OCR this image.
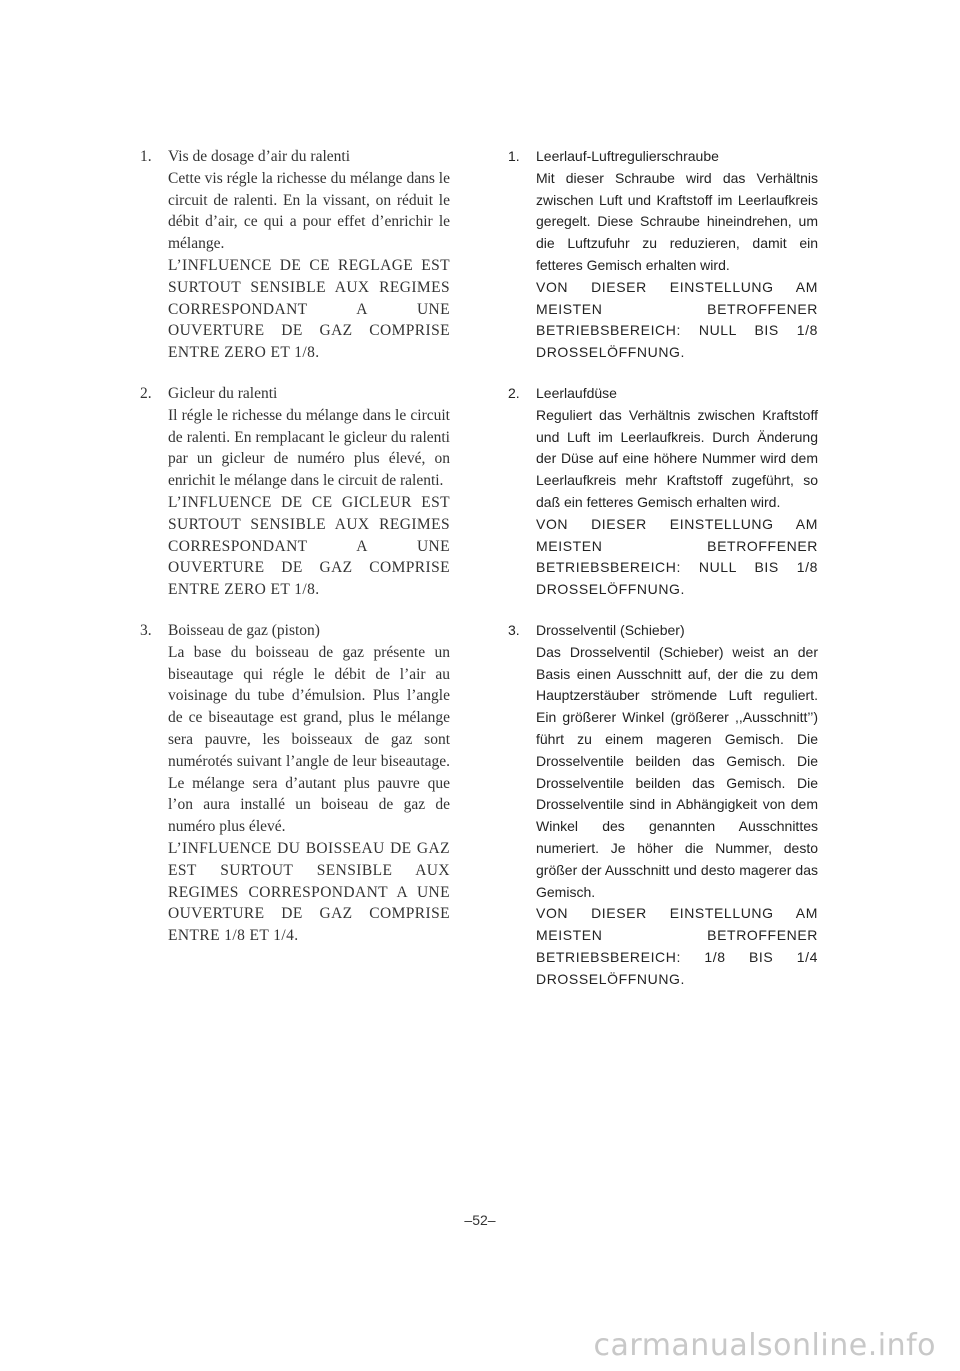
1. Vis de dosage d’air du ralenti
Cette vis régle la richesse du mélange dans le circuit de ralenti. En la vissant, on réduit le débit d’air, ce qui a pour effet d’enrichir le mélange.
L’INFLUENCE DE CE REGLAGE EST SURTOUT SENSIBLE AUX REGIMES CORRESPONDANT A UNE OUVERTURE DE GAZ COMPRISE ENTRE ZERO ET 1/8.
2. Gicleur du ralenti
Il régle le richesse du mélange dans le circuit de ralenti. En remplacant le gicleur du ralenti par un gicleur de numéro plus élevé, on enrichit le mélange dans le circuit de ralenti.
L’INFLUENCE DE CE GICLEUR EST SURTOUT SENSIBLE AUX REGIMES CORRESPONDANT A UNE OUVERTURE DE GAZ COMPRISE ENTRE ZERO ET 1/8.
3. Boisseau de gaz (piston)
La base du boisseau de gaz présente un biseautage qui régle le débit de l’air au voisinage du tube d’émulsion. Plus l’angle de ce biseautage est grand, plus le mélange sera pauvre, les boisseaux de gaz sont numérotés suivant l’angle de leur biseautage. Le mélange sera d’autant plus pauvre que l’on aura installé un boiseau de gaz de numéro plus élevé.
L’INFLUENCE DU BOISSEAU DE GAZ EST SURTOUT SENSIBLE AUX REGIMES CORRESPONDANT A UNE OUVERTURE DE GAZ COMPRISE ENTRE 1/8 ET 1/4.
1. Leerlauf-Luftregulierschraube
Mit dieser Schraube wird das Verhältnis zwischen Luft und Kraftstoff im Leerlaufkreis geregelt. Diese Schraube hineindrehen, um die Luftzufuhr zu reduzieren, damit ein fetteres Gemisch erhalten wird.
VON DIESER EINSTELLUNG AM MEISTEN BETROFFENER BETRIEBSBEREICH: NULL BIS 1/8 DROSSELÖFFNUNG.
2. Leerlaufdüse
Reguliert das Verhältnis zwischen Kraftstoff und Luft im Leerlaufkreis. Durch Änderung der Düse auf eine höhere Nummer wird dem Leerlaufkreis mehr Kraftstoff zugeführt, so daß ein fetteres Gemisch erhalten wird.
VON DIESER EINSTELLUNG AM MEISTEN BETROFFENER BETRIEBSBEREICH: NULL BIS 1/8 DROSSELÖFFNUNG.
3. Drosselventil (Schieber)
Das Drosselventil (Schieber) weist an der Basis einen Ausschnitt auf, der die zu dem Hauptzerstäuber strömende Luft reguliert. Ein größerer Winkel (größerer ,,Ausschnitt’’) führt zu einem mageren Gemisch. Die Drosselventile beilden das Gemisch. Die Drosselventile beilden das Gemisch. Die Drosselventile sind in Abhängigkeit von dem Winkel des genannten Ausschnittes numeriert. Je höher die Nummer, desto größer der Ausschnitt und desto magerer das Gemisch.
VON DIESER EINSTELLUNG AM MEISTEN BETROFFENER BETRIEBSBEREICH: 1/8 BIS 1/4 DROSSELÖFFNUNG.
–52–
carmanualsonline.info
